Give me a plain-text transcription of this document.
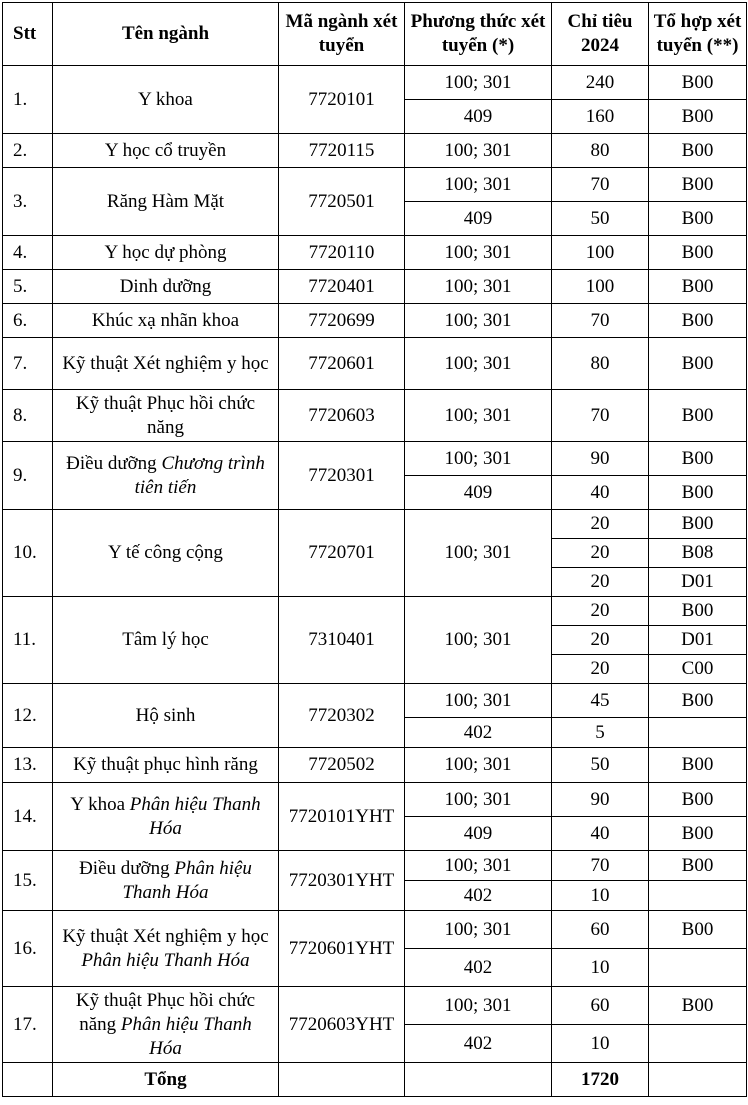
Stt	Tên ngành	Mã ngành xét tuyển	Phương thức xét tuyển (*)	Chỉ tiêu 2024	Tổ hợp xét tuyển (**)
1.	Y khoa	7720101	100; 301	240	B00
			409	160	B00
2.	Y học cổ truyền	7720115	100; 301	80	B00
3.	Răng Hàm Mặt	7720501	100; 301	70	B00
			409	50	B00
4.	Y học dự phòng	7720110	100; 301	100	B00
5.	Dinh dưỡng	7720401	100; 301	100	B00
6.	Khúc xạ nhãn khoa	7720699	100; 301	70	B00
7.	Kỹ thuật Xét nghiệm y học	7720601	100; 301	80	B00
8.	Kỹ thuật Phục hồi chức năng	7720603	100; 301	70	B00
9.	Điều dưỡng Chương trình tiên tiến	7720301	100; 301	90	B00
			409	40	B00
10.	Y tế công cộng	7720701	100; 301	20	B00
				20	B08
				20	D01
11.	Tâm lý học	7310401	100; 301	20	B00
				20	D01
				20	C00
12.	Hộ sinh	7720302	100; 301	45	B00
			402	5	
13.	Kỹ thuật phục hình răng	7720502	100; 301	50	B00
14.	Y khoa Phân hiệu Thanh Hóa	7720101YHT	100; 301	90	B00
			409	40	B00
15.	Điều dưỡng Phân hiệu Thanh Hóa	7720301YHT	100; 301	70	B00
			402	10	
16.	Kỹ thuật Xét nghiệm y học Phân hiệu Thanh Hóa	7720601YHT	100; 301	60	B00
			402	10	
17.	Kỹ thuật Phục hồi chức năng Phân hiệu Thanh Hóa	7720603YHT	100; 301	60	B00
			402	10	
	Tổng			1720	
